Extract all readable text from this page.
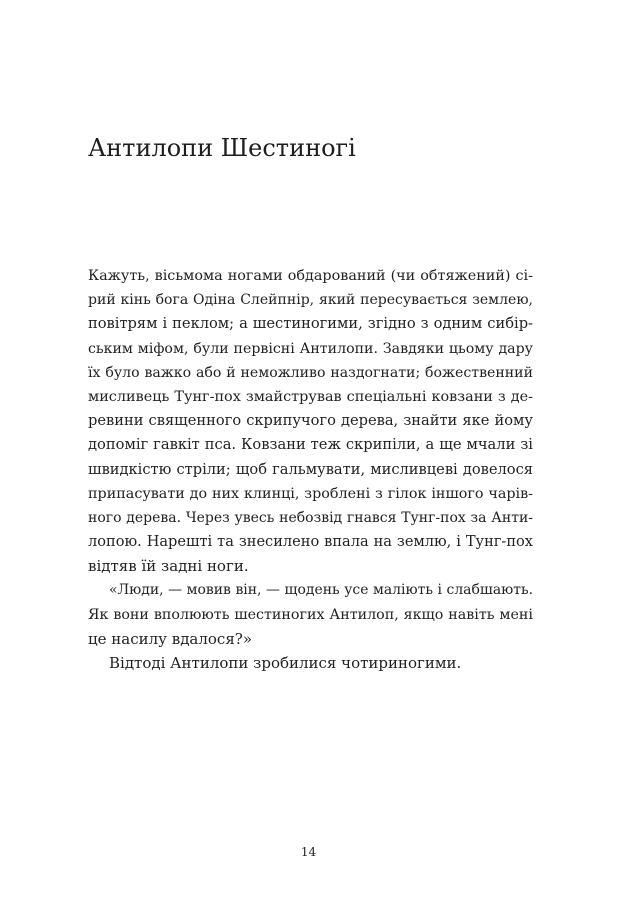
Антилопи Шестиногі
Кажуть, вісьмома ногами обдарований (чи обтяжений) сі-
рий кінь бога Одіна Слейпнір, який пересувається землею,
повітрям і пеклом; а шестиногими, згідно з одним сибір-
ським міфом, були первісні Антилопи. Завдяки цьому дару
їх було важко або й неможливо наздогнати; божественний
мисливець Тунг-пох змайстрував спеціальні ковзани з де-
ревини священного скрипучого дерева, знайти яке йому
допоміг гавкіт пса. Ковзани теж скрипіли, а ще мчали зі
швидкістю стріли; щоб гальмувати, мисливцеві довелося
припасувати до них клинці, зроблені з гілок іншого чарів-
ного дерева. Через увесь небозвід гнався Тунг-пох за Анти-
лопою. Нарешті та знесилено впала на землю, і Тунг-пох
відтяв їй задні ноги.
«Люди, — мовив він, — щодень усе маліють і слабшають.
Як вони вполюють шестиногих Антилоп, якщо навіть мені
це насилу вдалося?»
Відтоді Антилопи зробилися чотириногими.
14
